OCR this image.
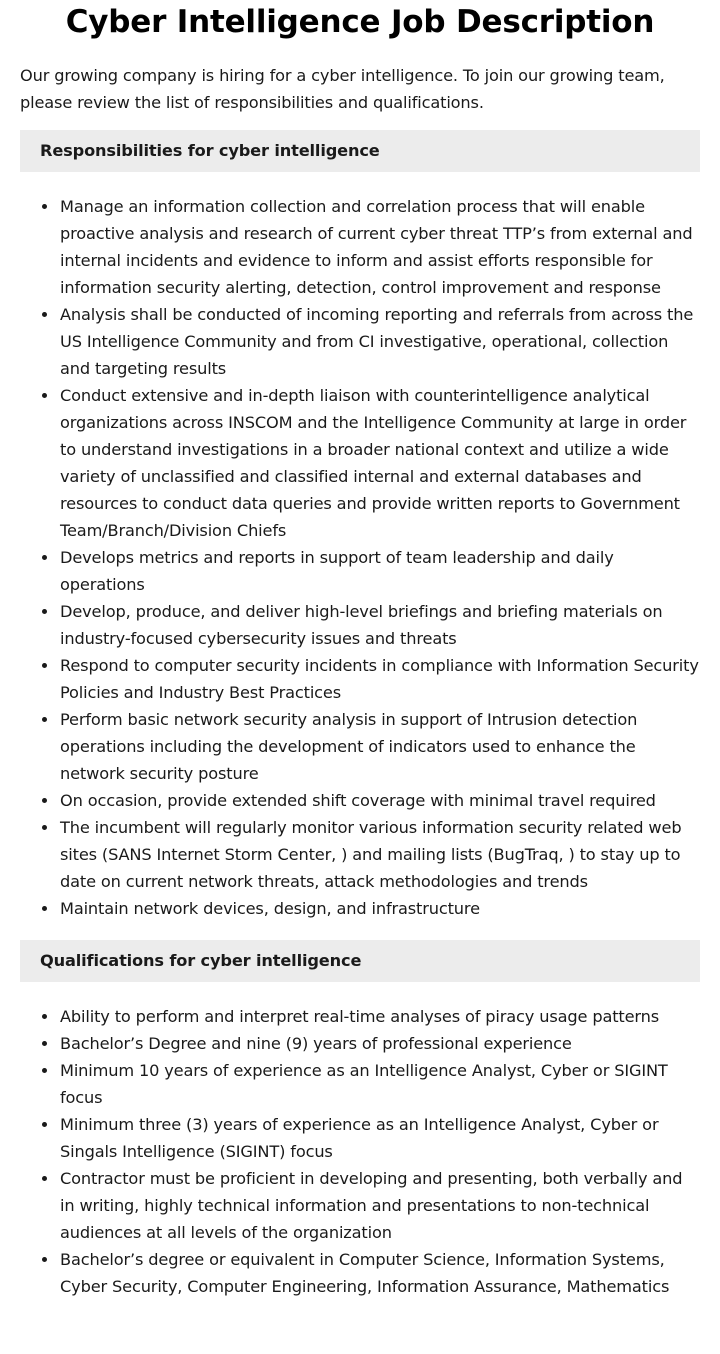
Cyber Intelligence Job Description

Our growing company is hiring for a cyber intelligence. To join our growing team, please review the list of responsibilities and qualifications.

Responsibilities for cyber intelligence
Manage an information collection and correlation process that will enable proactive analysis and research of current cyber threat TTP’s from external and internal incidents and evidence to inform and assist efforts responsible for information security alerting, detection, control improvement and response
Analysis shall be conducted of incoming reporting and referrals from across the US Intelligence Community and from CI investigative, operational, collection and targeting results
Conduct extensive and in-depth liaison with counterintelligence analytical organizations across INSCOM and the Intelligence Community at large in order to understand investigations in a broader national context and utilize a wide variety of unclassified and classified internal and external databases and resources to conduct data queries and provide written reports to Government Team/Branch/Division Chiefs
Develops metrics and reports in support of team leadership and daily operations
Develop, produce, and deliver high-level briefings and briefing materials on industry-focused cybersecurity issues and threats
Respond to computer security incidents in compliance with Information Security Policies and Industry Best Practices
Perform basic network security analysis in support of Intrusion detection operations including the development of indicators used to enhance the network security posture
On occasion, provide extended shift coverage with minimal travel required
The incumbent will regularly monitor various information security related web sites (SANS Internet Storm Center, ) and mailing lists (BugTraq, ) to stay up to date on current network threats, attack methodologies and trends
Maintain network devices, design, and infrastructure
Qualifications for cyber intelligence
Ability to perform and interpret real-time analyses of piracy usage patterns
Bachelor’s Degree and nine (9) years of professional experience
Minimum 10 years of experience as an Intelligence Analyst, Cyber or SIGINT focus
Minimum three (3) years of experience as an Intelligence Analyst, Cyber or Singals Intelligence (SIGINT) focus
Contractor must be proficient in developing and presenting, both verbally and in writing, highly technical information and presentations to non-technical audiences at all levels of the organization
Bachelor’s degree or equivalent in Computer Science, Information Systems, Cyber Security, Computer Engineering, Information Assurance, Mathematics
